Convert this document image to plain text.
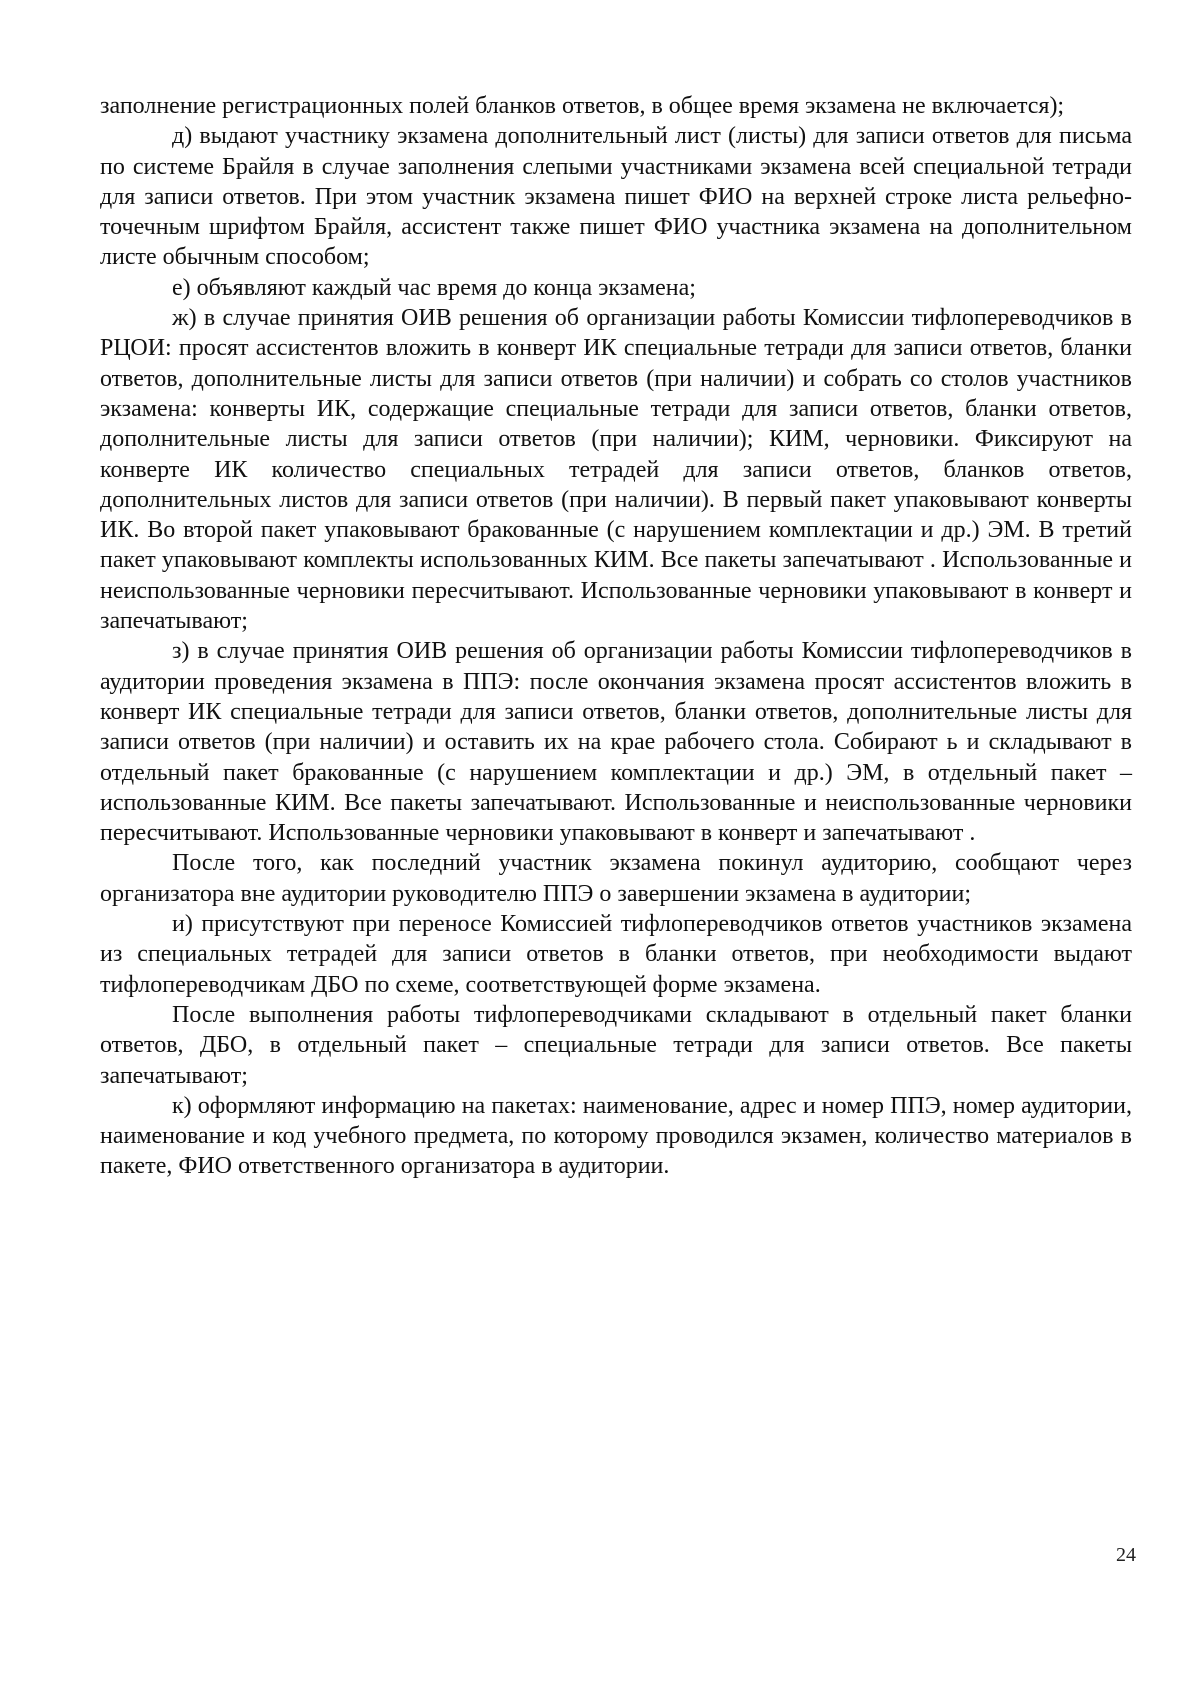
заполнение регистрационных полей бланков ответов, в общее время экзамена не включается);

д) выдают участнику экзамена дополнительный лист (листы) для записи ответов для письма по системе Брайля в случае заполнения слепыми участниками экзамена всей специальной тетради для записи ответов. При этом участник экзамена пишет ФИО на верхней строке листа рельефно-точечным шрифтом Брайля, ассистент также пишет ФИО участника экзамена на дополнительном листе обычным способом;

е) объявляют каждый час время до конца экзамена;

ж) в случае принятия ОИВ решения об организации работы Комиссии тифлопереводчиков в РЦОИ: просят ассистентов вложить в конверт ИК специальные тетради для записи ответов, бланки ответов, дополнительные листы для записи ответов (при наличии) и собрать со столов участников экзамена: конверты ИК, содержащие специальные тетради для записи ответов, бланки ответов, дополнительные листы для записи ответов (при наличии); КИМ, черновики. Фиксируют на конверте ИК количество специальных тетрадей для записи ответов, бланков ответов, дополнительных листов для записи ответов (при наличии). В первый пакет упаковывают конверты ИК. Во второй пакет упаковывают бракованные (с нарушением комплектации и др.) ЭМ. В третий пакет упаковывают комплекты использованных КИМ. Все пакеты запечатывают . Использованные и неиспользованные черновики пересчитывают. Использованные черновики упаковывают в конверт и запечатывают;

з) в случае принятия ОИВ решения об организации работы Комиссии тифлопереводчиков в аудитории проведения экзамена в ППЭ: после окончания экзамена просят ассистентов вложить в конверт ИК специальные тетради для записи ответов, бланки ответов, дополнительные листы для записи ответов (при наличии) и оставить их на крае рабочего стола. Собирают ь и складывают в отдельный пакет бракованные (с нарушением комплектации и др.) ЭМ, в отдельный пакет – использованные КИМ. Все пакеты запечатывают. Использованные и неиспользованные черновики пересчитывают. Использованные черновики упаковывают в конверт и запечатывают .

После того, как последний участник экзамена покинул аудиторию, сообщают через организатора вне аудитории руководителю ППЭ о завершении экзамена в аудитории;

и) присутствуют при переносе Комиссией тифлопереводчиков ответов участников экзамена из специальных тетрадей для записи ответов в бланки ответов, при необходимости выдают тифлопереводчикам ДБО по схеме, соответствующей форме экзамена.

После выполнения работы тифлопереводчиками складывают в отдельный пакет бланки ответов, ДБО, в отдельный пакет – специальные тетради для записи ответов. Все пакеты запечатывают;

к) оформляют информацию на пакетах: наименование, адрес и номер ППЭ, номер аудитории, наименование и код учебного предмета, по которому проводился экзамен, количество материалов в пакете, ФИО ответственного организатора в аудитории.

24
